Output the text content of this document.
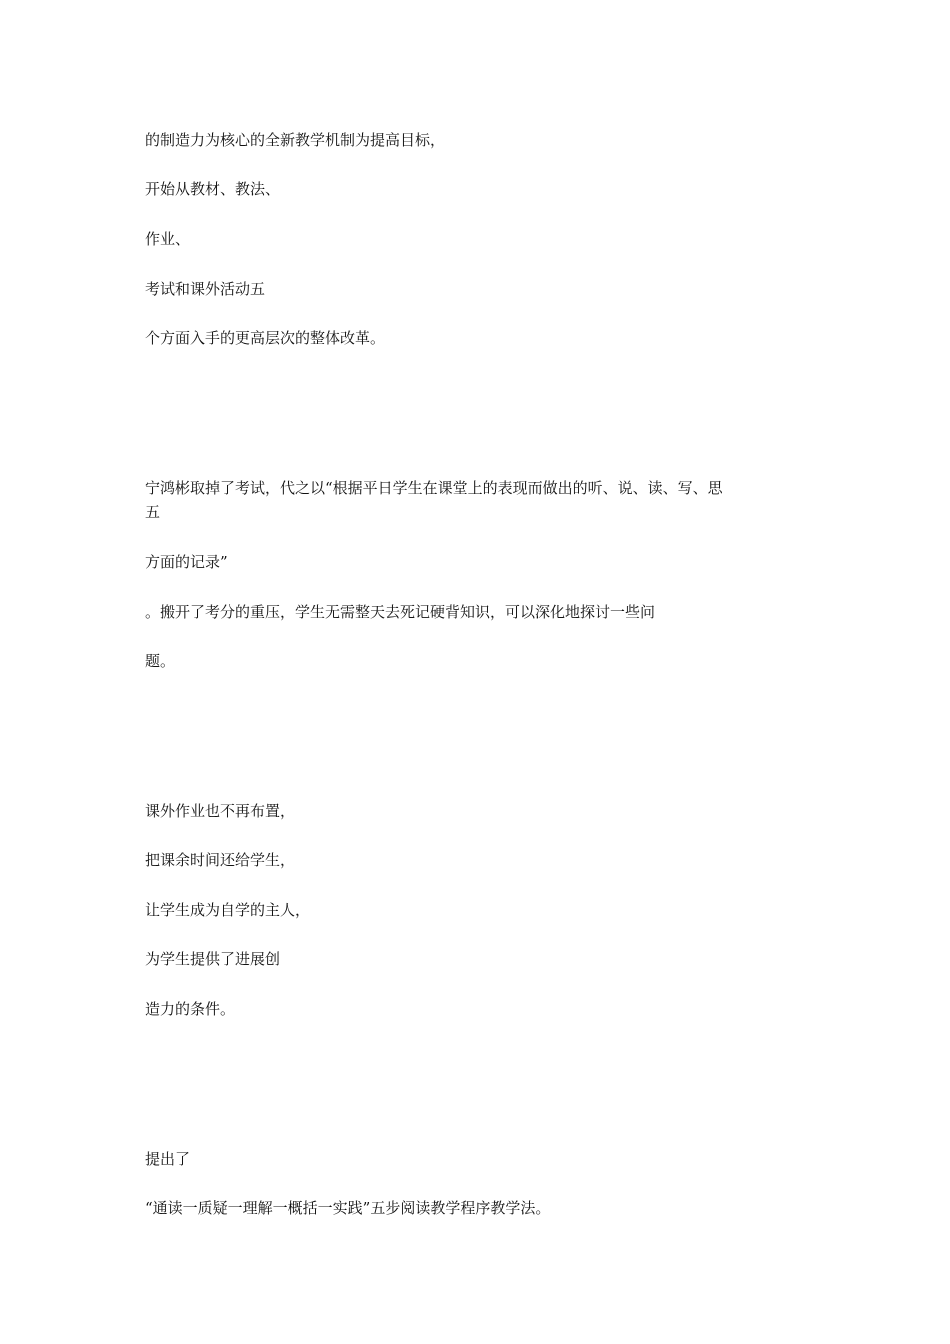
的制造力为核心的全新教学机制为提高目标，

开始从教材、教法、

作业、

考试和课外活动五

个方面入手的更高层次的整体改革。

宁鸿彬取掉了考试，代之以“根据平日学生在课堂上的表现而做出的听、说、读、写、思

五

方面的记录”

。搬开了考分的重压，学生无需整天去死记硬背知识，可以深化地探讨一些问

题。

课外作业也不再布置，

把课余时间还给学生，

让学生成为自学的主人，

为学生提供了进展创

造力的条件。

提出了

“通读一质疑一理解一概括一实践”五步阅读教学程序教学法。
